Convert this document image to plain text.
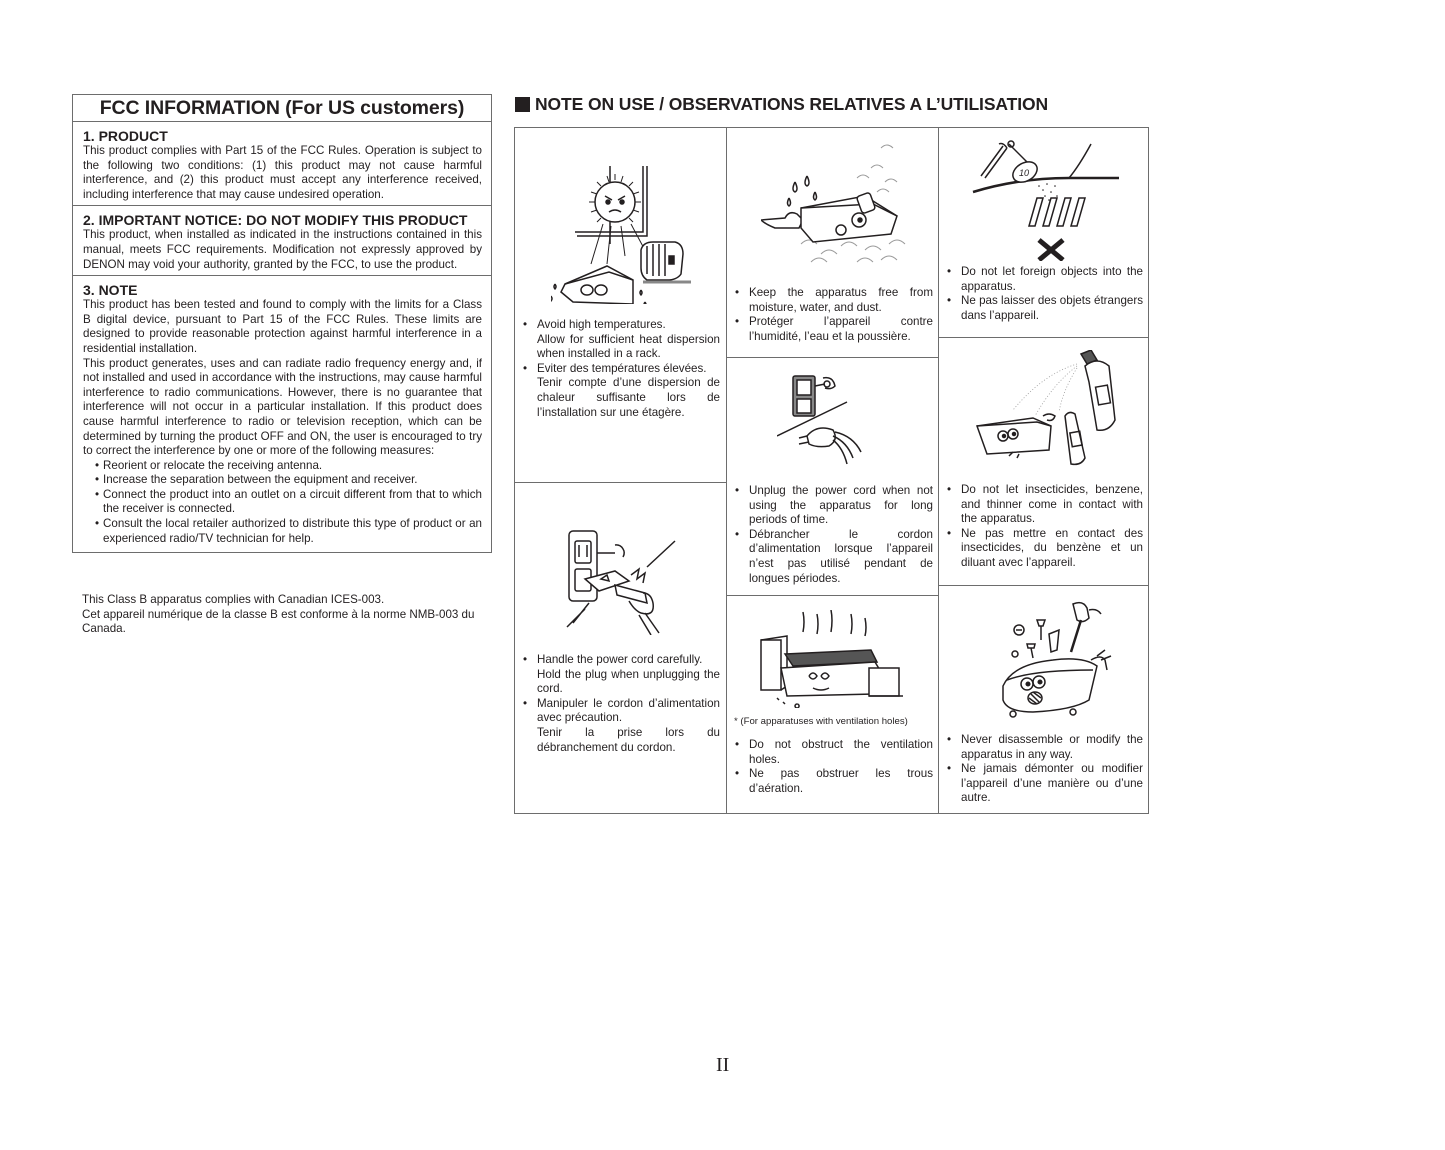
FCC INFORMATION (For US customers)
1. PRODUCT

This product complies with Part 15 of the FCC Rules. Operation is subject to the following two conditions: (1) this product may not cause harmful interference, and (2) this product must accept any interference received, including interference that may cause undesired operation.

2. IMPORTANT NOTICE: DO NOT MODIFY THIS PRODUCT

This product, when installed as indicated in the instructions contained in this manual, meets FCC requirements. Modification not expressly approved by DENON may void your authority, granted by the FCC, to use the product.

3. NOTE

This product has been tested and found to comply with the limits for a Class B digital device, pursuant to Part 15 of the FCC Rules. These limits are designed to provide reasonable protection against harmful interference in a residential installation.

This product generates, uses and can radiate radio frequency energy and, if not installed and used in accordance with the instructions, may cause harmful interference to radio communications. However, there is no guarantee that interference will not occur in a particular installation. If this product does cause harmful interference to radio or television reception, which can be determined by turning the product OFF and ON, the user is encouraged to try to correct the interference by one or more of the following measures:

• Reorient or relocate the receiving antenna.
• Increase the separation between the equipment and receiver.
• Connect the product into an outlet on a circuit different from that to which the receiver is connected.
• Consult the local retailer authorized to distribute this type of product or an experienced radio/TV technician for help.

This Class B apparatus complies with Canadian ICES-003.

Cet appareil numérique de la classe B est conforme à la norme NMB-003 du Canada.

NOTE ON USE / OBSERVATIONS RELATIVES A L’UTILISATION
• Avoid high temperatures.
Allow for sufficient heat dispersion when installed in a rack.
• Eviter des températures élevées.
Tenir compte d’une dispersion de chaleur suffisante lors de l’installation sur une étagère.
• Handle the power cord carefully.
Hold the plug when unplugging the cord.
• Manipuler le cordon d’alimentation avec précaution.
Tenir la prise lors du débranchement du cordon.
• Keep the apparatus free from moisture, water, and dust.
• Protéger l’appareil contre l’humidité, l’eau et la poussière.
• Unplug the power cord when not using the apparatus for long periods of time.
• Débrancher le cordon d’alimentation lorsque l’appareil n’est pas utilisé pendant de longues périodes.
* (For apparatuses with ventilation holes)
• Do not obstruct the ventilation holes.
• Ne pas obstruer les trous d’aération.
10
• Do not let foreign objects into the apparatus.
• Ne pas laisser des objets étrangers dans l’appareil.
• Do not let insecticides, benzene, and thinner come in contact with the apparatus.
• Ne pas mettre en contact des insecticides, du benzène et un diluant avec l’appareil.
• Never disassemble or modify the apparatus in any way.
• Ne jamais démonter ou modifier l’appareil d’une manière ou d’une autre.
II
